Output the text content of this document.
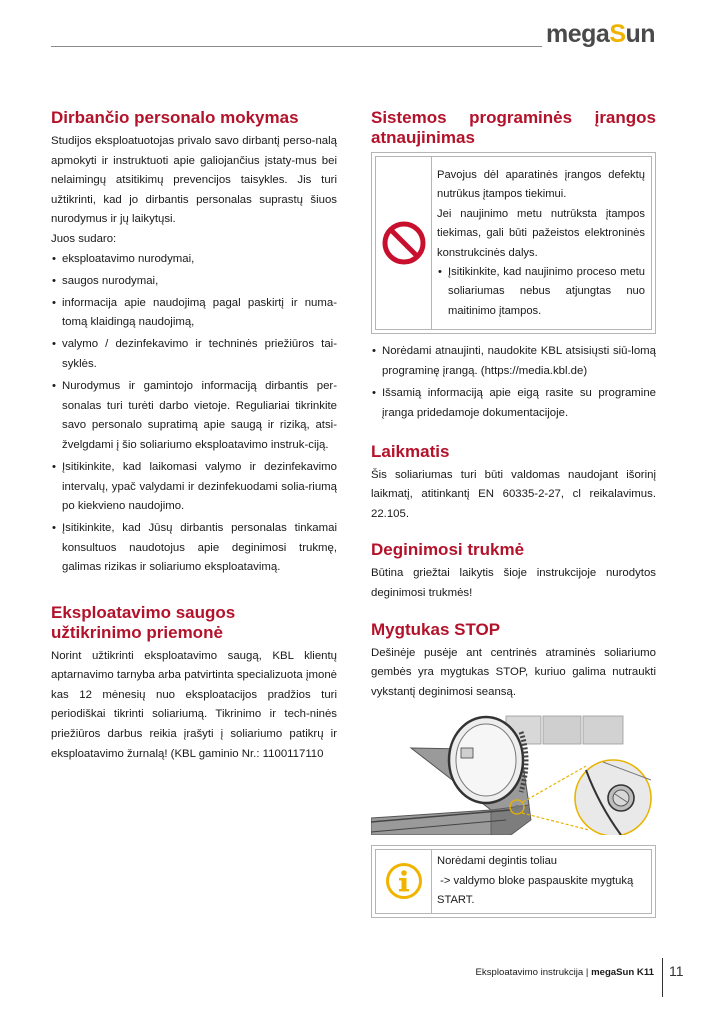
megaSun
Dirbančio personalo mokymas

Studijos eksploatuotojas privalo savo dirbantį perso-nalą apmokyti ir instruktuoti apie galiojančius įstaty-mus bei nelaimingų atsitikimų prevencijos taisykles. Jis turi užtikrinti, kad jo dirbantis personalas suprastų šiuos nurodymus ir jų laikytųsi.

Juos sudaro:

• eksploatavimo nurodymai,
• saugos nurodymai,
• informacija apie naudojimą pagal paskirtį ir numa-tomą klaidingą naudojimą,
• valymo / dezinfekavimo ir techninės priežiūros tai-syklės.
• Nurodymus ir gamintojo informaciją dirbantis per-sonalas turi turėti darbo vietoje. Reguliariai tikrinkite savo personalo supratimą apie saugą ir riziką, atsi-žvelgdami į šio soliariumo eksploatavimo instruk-ciją.
• Įsitikinkite, kad laikomasi valymo ir dezinfekavimo intervalų, ypač valydami ir dezinfekuodami solia-riumą po kiekvieno naudojimo.
• Įsitikinkite, kad Jūsų dirbantis personalas tinkamai konsultuos naudotojus apie deginimosi trukmę, galimas rizikas ir soliariumo eksploatavimą.
Eksploatavimo saugos
užtikrinimo priemonė

Norint užtikrinti eksploatavimo saugą, KBL klientų aptarnavimo tarnyba arba patvirtinta specializuota įmonė kas 12 mėnesių nuo eksploatacijos pradžios turi periodiškai tikrinti soliariumą. Tikrinimo ir tech-ninės priežiūros darbus reikia įrašyti į soliariumo patikrų ir eksploatavimo žurnalą! (KBL gaminio Nr.: 1100117110

Sistemos programinės įrangos
atnaujinimas

Pavojus dėl aparatinės įrangos defektų nutrūkus įtampos tiekimui.

Jei naujinimo metu nutrūksta įtampos tiekimas, gali būti pažeistos elektroninės konstrukcinės dalys.

• Įsitikinkite, kad naujinimo proceso metu soliariumas nebus atjungtas nuo maitinimo įtampos.
• Norėdami atnaujinti, naudokite KBL atsisiųsti siū-lomą programinę įrangą. (https://media.kbl.de)
• Išsamią informaciją apie eigą rasite su programine įranga pridedamoje dokumentacijoje.
Laikmatis

Šis soliariumas turi būti valdomas naudojant išorinį laikmatį, atitinkantį EN 60335-2-27, cl reikalavimus. 22.105.

Deginimosi trukmė

Būtina griežtai laikytis šioje instrukcijoje nurodytos deginimosi trukmės!

Mygtukas STOP

Dešinėje pusėje ant centrinės atraminės soliariumo gembės yra mygtukas STOP, kuriuo galima nutraukti vykstantį deginimosi seansą.

Norėdami degintis toliau

-> valdymo bloke paspauskite mygtuką START.

Eksploatavimo instrukcija | megaSun K11 11
